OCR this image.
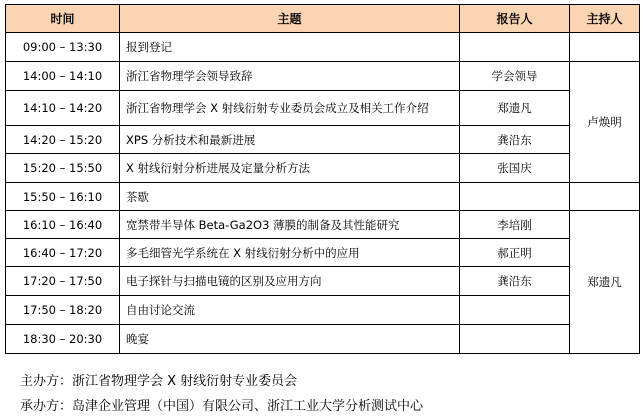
时间	主题	报告人	主持人
09:00 – 13:30	报到登记		
14:00 – 14:10	浙江省物理学会领导致辞	学会领导	卢焕明
14:10 – 14:20	浙江省物理学会 X 射线衍射专业委员会成立及相关工作介绍	郑遗凡	
14:20 – 15:20	XPS 分析技术和最新进展	龚沿东	
15:20 – 15:50	X 射线衍射分析进展及定量分析方法	张国庆	
15:50 – 16:10	茶歇		
16:10 – 16:40	宽禁带半导体 Beta-Ga2O3 薄膜的制备及其性能研究	李培刚	郑遗凡
16:40 – 17:20	多毛细管光学系统在 X 射线衍射分析中的应用	郝正明	
17:20 – 17:50	电子探针与扫描电镜的区别及应用方向	龚沿东	
17:50 – 18:20	自由讨论交流		
18:30 – 20:30	晚宴		
主办方：浙江省物理学会 X 射线衍射专业委员会
承办方：岛津企业管理（中国）有限公司、浙江工业大学分析测试中心
